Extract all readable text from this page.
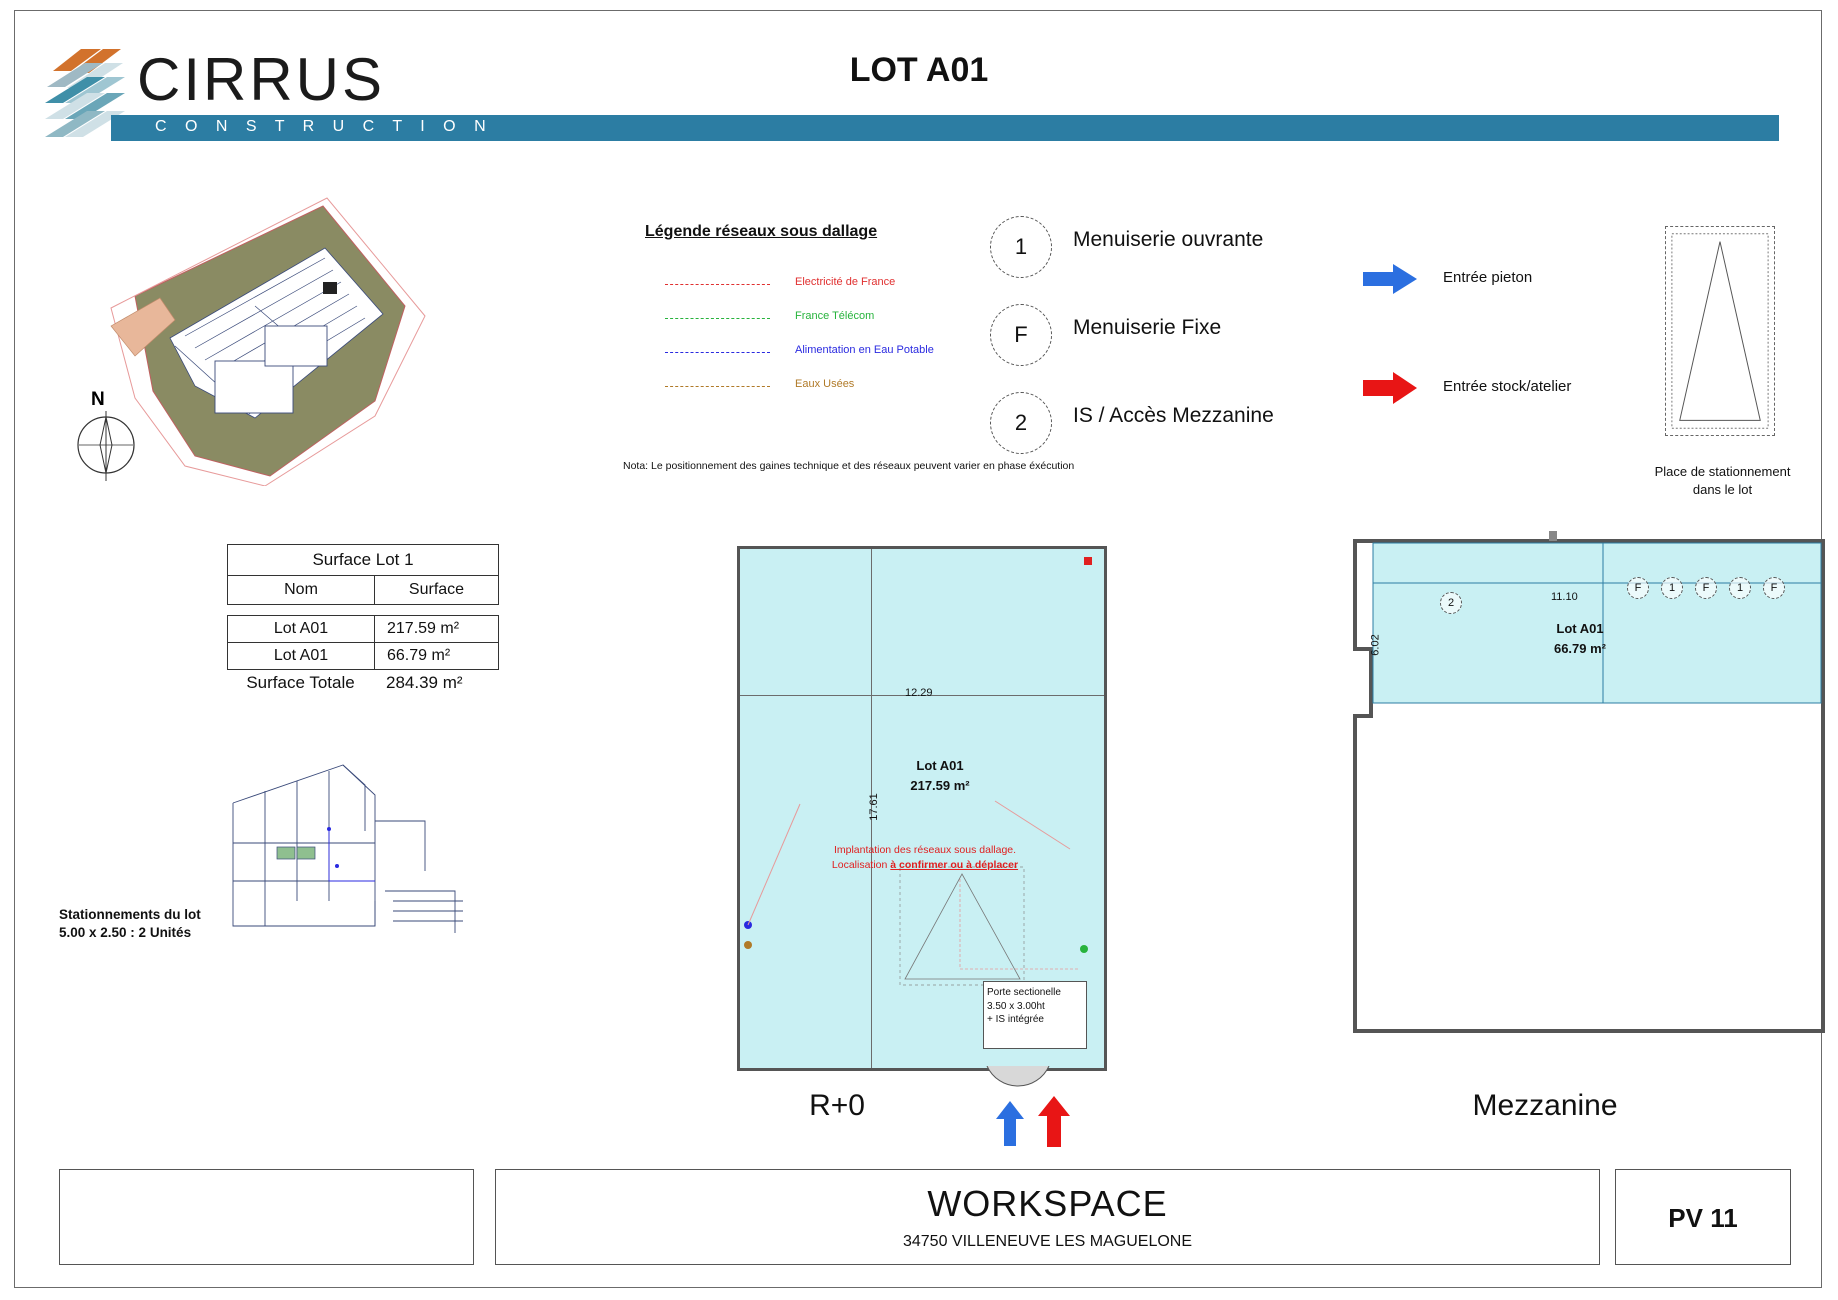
CIRRUS
C O N S T R U C T I O N
LOT A01
N
Légende réseaux sous dallage
Electricité de France
France Télécom
Alimentation en Eau Potable
Eaux Usées
Nota: Le positionnement des gaines technique et des réseaux peuvent varier en phase éxécution
1	Menuiserie ouvrante
F	Menuiserie Fixe
2	IS / Accès Mezzanine
Entrée pieton
Entrée stock/atelier
Place de stationnement
dans le lot
Surface Lot 1
Nom	Surface
Lot A01	217.59 m²
Lot A01	66.79 m²
Surface Totale	284.39 m²
Stationnements du lot
5.00 x 2.50 : 2 Unités
12.29
17.61
Lot A01
217.59 m²
Implantation des réseaux sous dallage.
Localisation à confirmer ou à déplacer
Porte sectionelle
3.50 x 3.00ht
+ IS intégrée
R+0
2
F	1	F	1	F
11.10
6.02
Lot A01
66.79 m²
Mezzanine
WORKSPACE
34750 VILLENEUVE LES MAGUELONE
PV 11
